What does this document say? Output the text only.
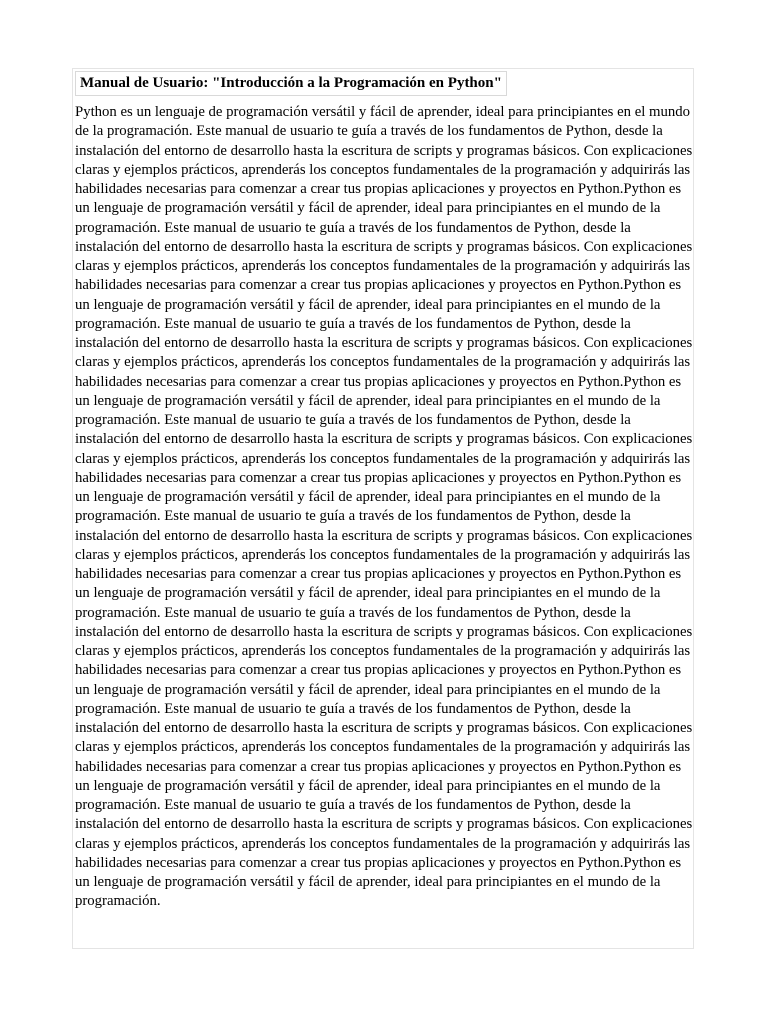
Manual de Usuario: "Introducción a la Programación en Python"

Python es un lenguaje de programación versátil y fácil de aprender, ideal para principiantes en el mundo de la programación. Este manual de usuario te guía a través de los fundamentos de Python, desde la instalación del entorno de desarrollo hasta la escritura de scripts y programas básicos. Con explicaciones claras y ejemplos prácticos, aprenderás los conceptos fundamentales de la programación y adquirirás las habilidades necesarias para comenzar a crear tus propias aplicaciones y proyectos en Python.Python es un lenguaje de programación versátil y fácil de aprender, ideal para principiantes en el mundo de la programación. Este manual de usuario te guía a través de los fundamentos de Python, desde la instalación del entorno de desarrollo hasta la escritura de scripts y programas básicos. Con explicaciones claras y ejemplos prácticos, aprenderás los conceptos fundamentales de la programación y adquirirás las habilidades necesarias para comenzar a crear tus propias aplicaciones y proyectos en Python.Python es un lenguaje de programación versátil y fácil de aprender, ideal para principiantes en el mundo de la programación. Este manual de usuario te guía a través de los fundamentos de Python, desde la instalación del entorno de desarrollo hasta la escritura de scripts y programas básicos. Con explicaciones claras y ejemplos prácticos, aprenderás los conceptos fundamentales de la programación y adquirirás las habilidades necesarias para comenzar a crear tus propias aplicaciones y proyectos en Python.Python es un lenguaje de programación versátil y fácil de aprender, ideal para principiantes en el mundo de la programación. Este manual de usuario te guía a través de los fundamentos de Python, desde la instalación del entorno de desarrollo hasta la escritura de scripts y programas básicos. Con explicaciones claras y ejemplos prácticos, aprenderás los conceptos fundamentales de la programación y adquirirás las habilidades necesarias para comenzar a crear tus propias aplicaciones y proyectos en Python.Python es un lenguaje de programación versátil y fácil de aprender, ideal para principiantes en el mundo de la programación. Este manual de usuario te guía a través de los fundamentos de Python, desde la instalación del entorno de desarrollo hasta la escritura de scripts y programas básicos. Con explicaciones claras y ejemplos prácticos, aprenderás los conceptos fundamentales de la programación y adquirirás las habilidades necesarias para comenzar a crear tus propias aplicaciones y proyectos en Python.Python es un lenguaje de programación versátil y fácil de aprender, ideal para principiantes en el mundo de la programación. Este manual de usuario te guía a través de los fundamentos de Python, desde la instalación del entorno de desarrollo hasta la escritura de scripts y programas básicos. Con explicaciones claras y ejemplos prácticos, aprenderás los conceptos fundamentales de la programación y adquirirás las habilidades necesarias para comenzar a crear tus propias aplicaciones y proyectos en Python.Python es un lenguaje de programación versátil y fácil de aprender, ideal para principiantes en el mundo de la programación. Este manual de usuario te guía a través de los fundamentos de Python, desde la instalación del entorno de desarrollo hasta la escritura de scripts y programas básicos. Con explicaciones claras y ejemplos prácticos, aprenderás los conceptos fundamentales de la programación y adquirirás las habilidades necesarias para comenzar a crear tus propias aplicaciones y proyectos en Python.Python es un lenguaje de programación versátil y fácil de aprender, ideal para principiantes en el mundo de la programación. Este manual de usuario te guía a través de los fundamentos de Python, desde la instalación del entorno de desarrollo hasta la escritura de scripts y programas básicos. Con explicaciones claras y ejemplos prácticos, aprenderás los conceptos fundamentales de la programación y adquirirás las habilidades necesarias para comenzar a crear tus propias aplicaciones y proyectos en Python.Python es un lenguaje de programación versátil y fácil de aprender, ideal para principiantes en el mundo de la programación.
